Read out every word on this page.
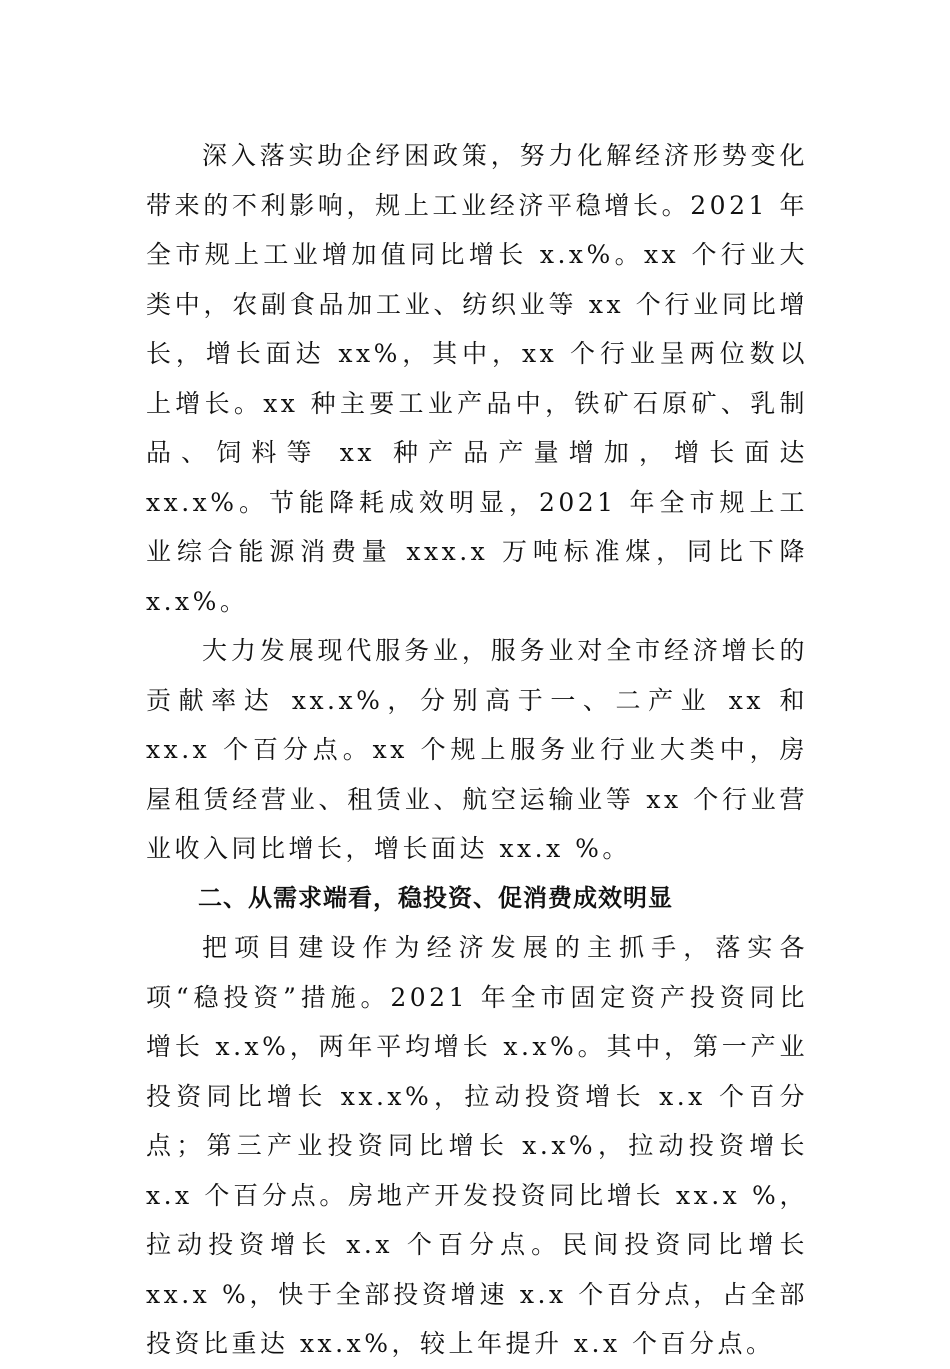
深入落实助企纾困政策，努力化解经济形势变化带来的不利影响，规上工业经济平稳增长。2021 年全市规上工业增加值同比增长 x.x%。xx 个行业大类中，农副食品加工业、纺织业等 xx 个行业同比增长，增长面达 xx%，其中，xx 个行业呈两位数以上增长。xx 种主要工业产品中，铁矿石原矿、乳制品、饲料等 xx 种产品产量增加，增长面达 xx.x%。节能降耗成效明显，2021 年全市规上工业综合能源消费量 xxx.x 万吨标准煤，同比下降 x.x%。

大力发展现代服务业，服务业对全市经济增长的贡献率达 xx.x%，分别高于一、二产业 xx 和 xx.x 个百分点。xx 个规上服务业行业大类中，房屋租赁经营业、租赁业、航空运输业等 xx 个行业营业收入同比增长，增长面达 xx.x %。

二、从需求端看，稳投资、促消费成效明显

把项目建设作为经济发展的主抓手，落实各项“稳投资”措施。2021 年全市固定资产投资同比增长 x.x%，两年平均增长 x.x%。其中，第一产业投资同比增长 xx.x%，拉动投资增长 x.x 个百分点；第三产业投资同比增长 x.x%，拉动投资增长 x.x 个百分点。房地产开发投资同比增长 xx.x %，拉动投资增长 x.x 个百分点。民间投资同比增长 xx.x %，快于全部投资增速 x.x 个百分点，占全部投资比重达 xx.x%，较上年提升 x.x 个百分点。
